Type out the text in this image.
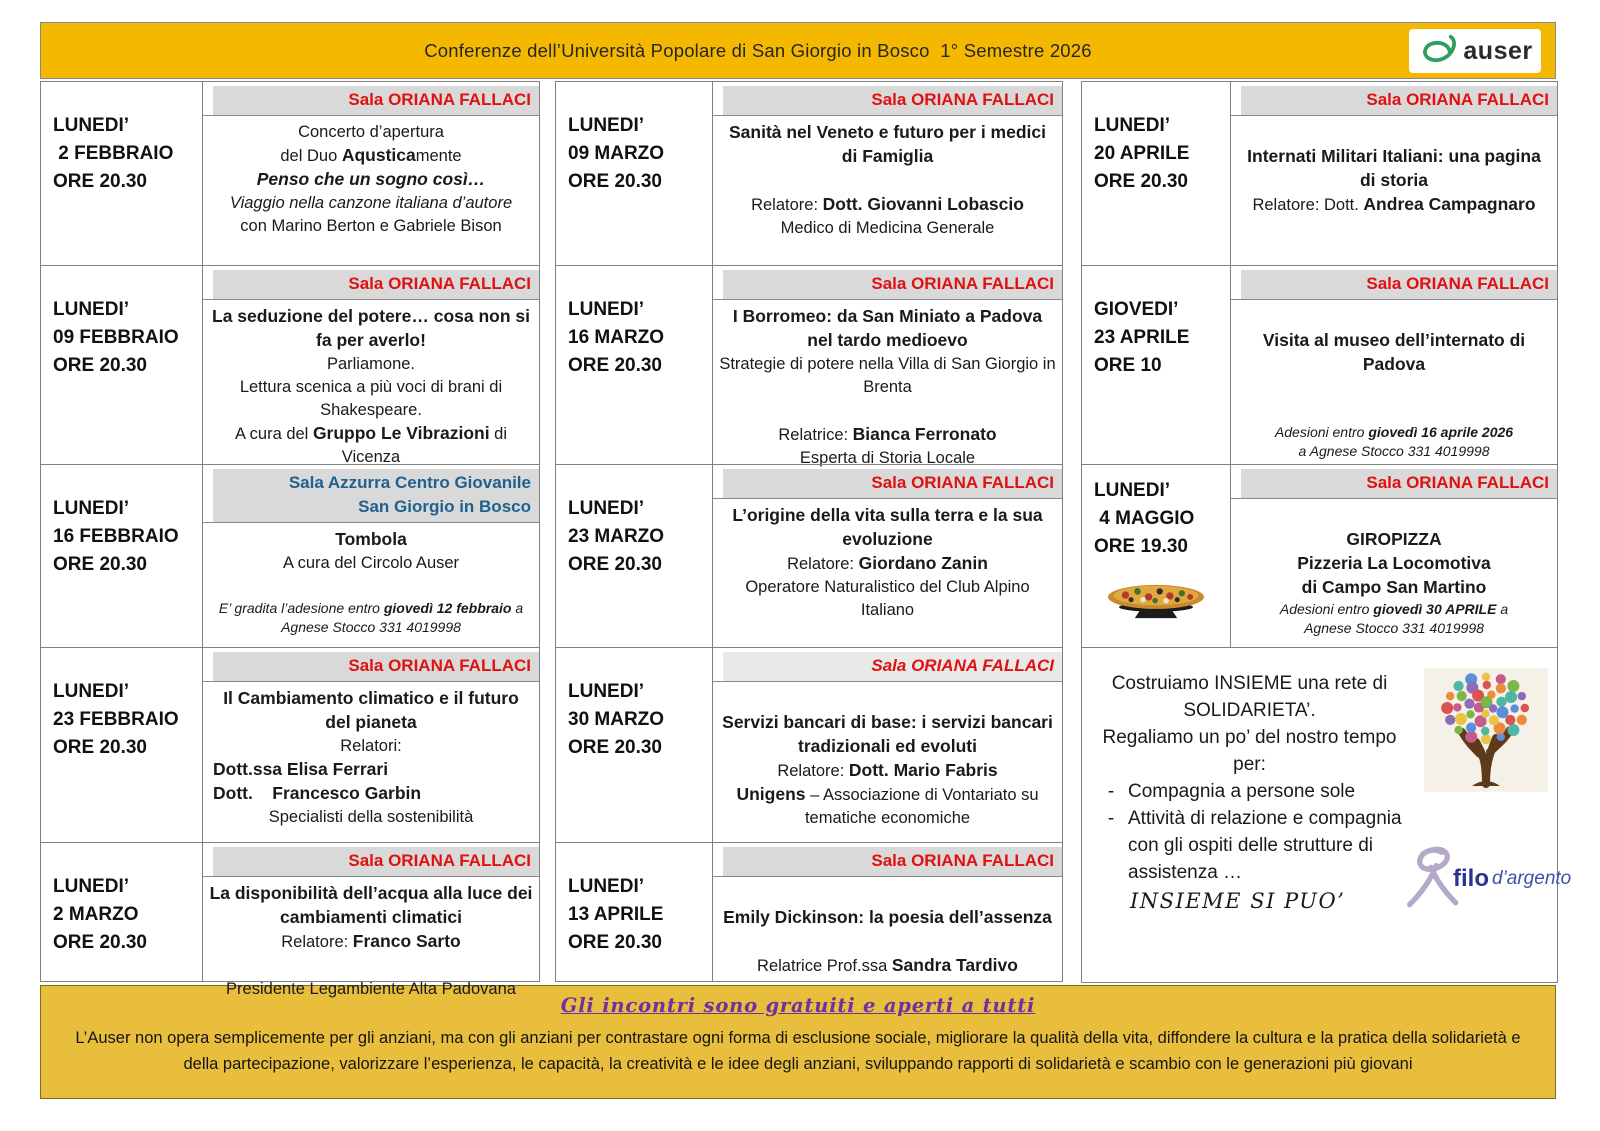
Conferenze dell’Università Popolare di San Giorgio in Bosco  1° Semestre 2026	auser
LUNEDI’
2 FEBBRAIO
ORE 20.30
Sala ORIANA FALLACI
Concerto d’apertura
del Duo Aqusticamente
Penso che un sogno così…
Viaggio nella canzone italiana d’autore
con Marino Berton e Gabriele Bison
LUNEDI’
09 FEBBRAIO
ORE 20.30
Sala ORIANA FALLACI
La seduzione del potere… cosa non si fa per averlo!
Parliamone.
Lettura scenica a più voci di brani di Shakespeare.
A cura del Gruppo Le Vibrazioni di Vicenza
LUNEDI’
16 FEBBRAIO
ORE 20.30
Sala Azzurra Centro Giovanile
San Giorgio in Bosco
Tombola
A cura del Circolo Auser
E’ gradita l’adesione entro giovedì 12 febbraio a Agnese Stocco 331 4019998
LUNEDI’
23 FEBBRAIO
ORE 20.30
Sala ORIANA FALLACI
Il Cambiamento climatico e il futuro del pianeta
Relatori:
Dott.ssa Elisa Ferrari
Dott.    Francesco Garbin
Specialisti della sostenibilità
LUNEDI’
2 MARZO
ORE 20.30
Sala ORIANA FALLACI
La disponibilità dell’acqua alla luce dei cambiamenti climatici
Relatore: Franco Sarto
Presidente Legambiente Alta Padovana
LUNEDI’
09 MARZO
ORE 20.30
Sala ORIANA FALLACI
Sanità nel Veneto e futuro per i medici di Famiglia
Relatore: Dott. Giovanni Lobascio
Medico di Medicina Generale
LUNEDI’
16 MARZO
ORE 20.30
Sala ORIANA FALLACI
I Borromeo: da San Miniato a Padova nel tardo medioevo
Strategie di potere nella Villa di San Giorgio in Brenta
Relatrice: Bianca Ferronato
Esperta di Storia Locale
LUNEDI’
23 MARZO
ORE 20.30
Sala ORIANA FALLACI
L’origine della vita sulla terra e la sua evoluzione
Relatore: Giordano Zanin
Operatore Naturalistico del Club Alpino Italiano
LUNEDI’
30 MARZO
ORE 20.30
Sala ORIANA FALLACI
Servizi bancari di base: i servizi bancari tradizionali ed evoluti
Relatore: Dott. Mario Fabris
Unigens – Associazione di Vontariato su tematiche economiche
LUNEDI’
13 APRILE
ORE 20.30
Sala ORIANA FALLACI
Emily Dickinson: la poesia dell’assenza
Relatrice Prof.ssa Sandra Tardivo
LUNEDI’
20 APRILE
ORE 20.30
Sala ORIANA FALLACI
Internati Militari Italiani: una pagina di storia
Relatore: Dott. Andrea Campagnaro
GIOVEDI’
23 APRILE
ORE 10
Sala ORIANA FALLACI
Visita al museo dell’internato di Padova
Adesioni entro giovedì 16 aprile 2026
a Agnese Stocco 331 4019998
LUNEDI’
4 MAGGIO
ORE 19.30
Sala ORIANA FALLACI
GIROPIZZA
Pizzeria La Locomotiva
di Campo San Martino
Adesioni entro giovedì 30 APRILE a
Agnese Stocco 331 4019998
Costruiamo INSIEME una rete di SOLIDARIETA’.
Regaliamo un po’ del nostro tempo per:
- Compagnia a persone sole
- Attività di relazione e compagnia con gli ospiti delle strutture di assistenza …
INSIEME SI PUO’
filo d’argento
Gli incontri sono gratuiti e aperti a tutti
L’Auser non opera semplicemente per gli anziani, ma con gli anziani per contrastare ogni forma di esclusione sociale, migliorare la qualità della vita, diffondere la cultura e la pratica della solidarietà e della partecipazione, valorizzare l’esperienza, le capacità, la creatività e le idee degli anziani, sviluppando rapporti di solidarietà e scambio con le generazioni più giovani
